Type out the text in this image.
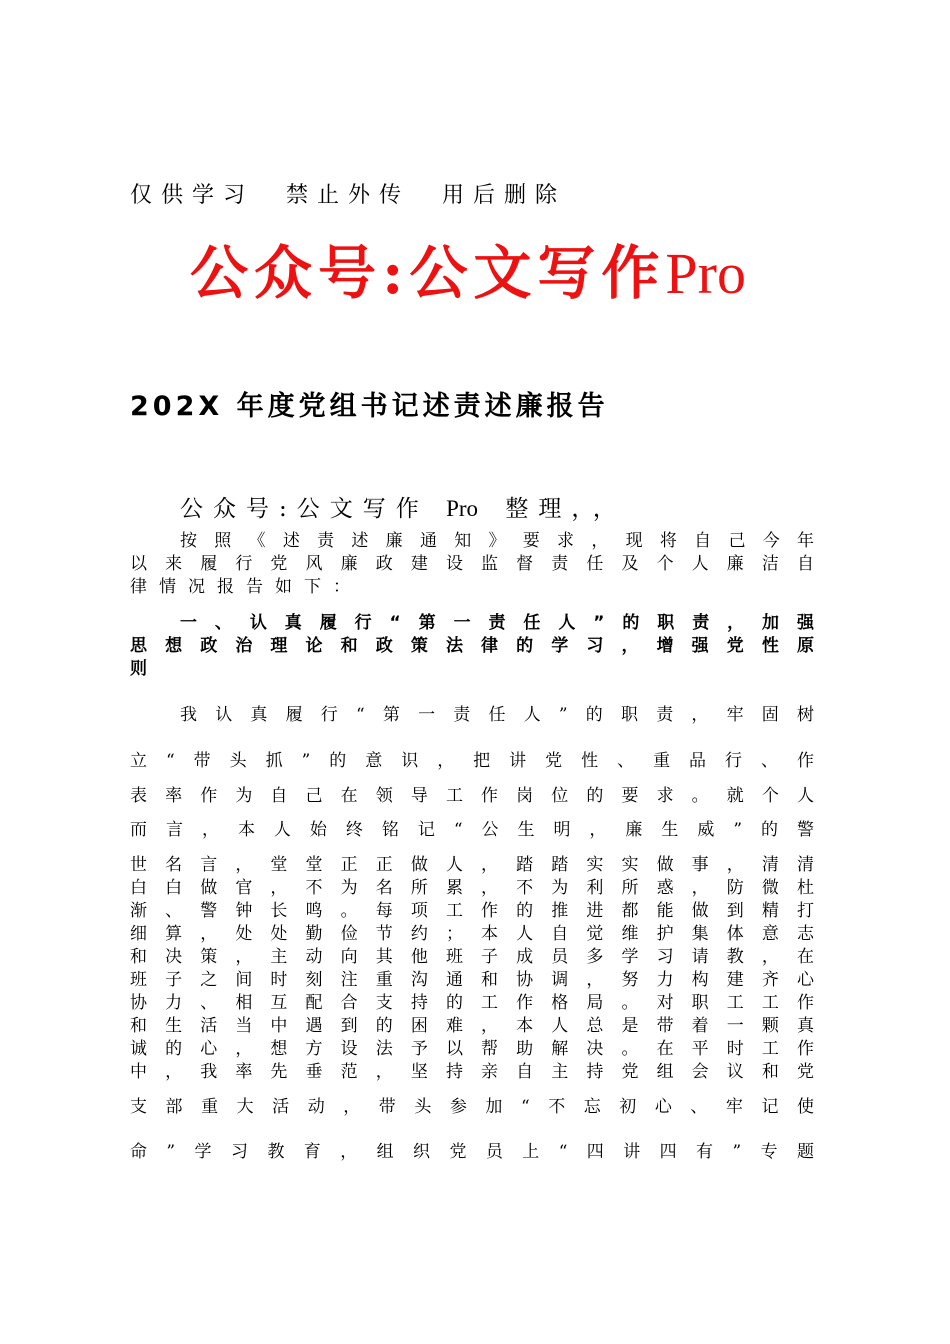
仅供学习  禁止外传  用后删除
公众号:公文写作Pro
202X 年度党组书记述责述廉报告
公众号:公文写作 Pro 整理，，
按照《述责述廉通知》要求，现将自己今年
以来履行党风廉政建设监督责任及个人廉洁自
律情况报告如下：
一、认真履行“第一责任人”的职责，加强
思想政治理论和政策法律的学习，增强党性原
则
我认真履行“第一责任人”的职责，牢固树
立“带头抓”的意识，把讲党性、重品行、作
表率作为自己在领导工作岗位的要求。就个人
而言，本人始终铭记“公生明，廉生威”的警
世名言，堂堂正正做人，踏踏实实做事，清清
白白做官，不为名所累，不为利所惑，防微杜
渐、警钟长鸣。每项工作的推进都能做到精打
细算，处处勤俭节约；本人自觉维护集体意志
和决策，主动向其他班子成员多学习请教，在
班子之间时刻注重沟通和协调，努力构建齐心
协力、相互配合支持的工作格局。对职工工作
和生活当中遇到的困难，本人总是带着一颗真
诚的心，想方设法予以帮助解决。在平时工作
中，我率先垂范，坚持亲自主持党组会议和党
支部重大活动，带头参加“不忘初心、牢记使
命”学习教育，组织党员上“四讲四有”专题
